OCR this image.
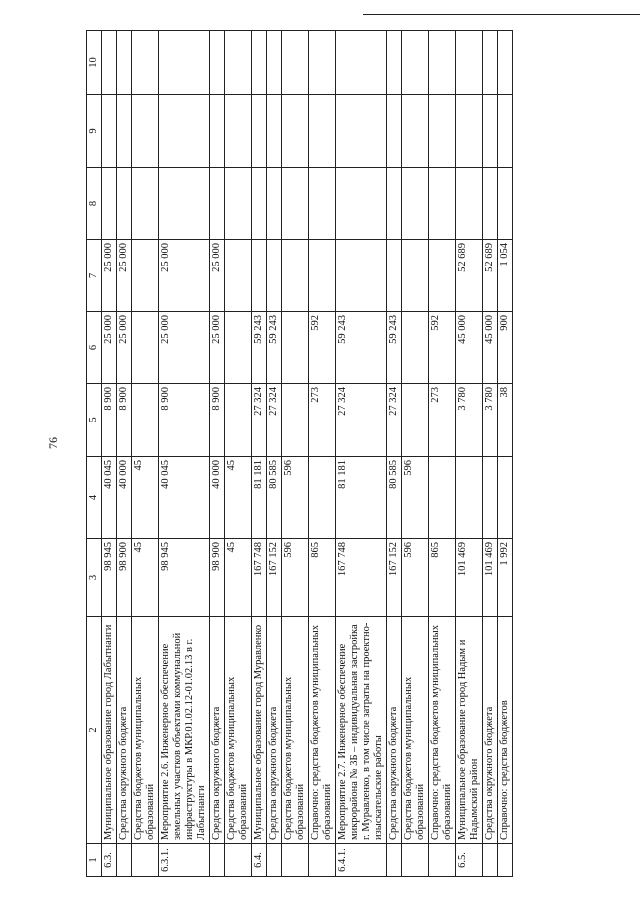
76
1	2	3	4	5	6	7	8	9	10
6.3.	Муниципальное образование город Лабытнанги	98 945	40 045	8 900	25 000	25 000			
	Средства окружного бюджета	98 900	40 000	8 900	25 000	25 000			
	Средства бюджетов муниципальных образований	45	45						
6.3.1.	Мероприятие 2.6. Инженерное обеспечение земельных участков объектами коммунальной инфраструктуры в МКР.01.02.12-01.02.13 в г. Лабытнанги	98 945	40 045	8 900	25 000	25 000			
	Средства окружного бюджета	98 900	40 000	8 900	25 000	25 000			
	Средства бюджетов муниципальных образований	45	45						
6.4.	Муниципальное образование город Муравленко	167 748	81 181	27 324	59 243				
	Средства окружного бюджета	167 152	80 585	27 324	59 243				
	Средства бюджетов муниципальных образований	596	596						
	Справочно: средства бюджетов муниципальных образований	865		273	592				
6.4.1.	Мероприятие 2.7. Инженерное обеспечение микрорайона № 3Б – индивидуальная застройка г. Муравленко, в том числе затраты на проектно-изыскательские работы	167 748	81 181	27 324	59 243				
	Средства окружного бюджета	167 152	80 585	27 324	59 243				
	Средства бюджетов муниципальных образований	596	596						
	Справочно: средства бюджетов муниципальных образований	865		273	592				
6.5.	Муниципальное образование город Надым и Надымский район	101 469		3 780	45 000	52 689			
	Средства окружного бюджета	101 469		3 780	45 000	52 689			
	Справочно: средства бюджетов	1 992		38	900	1 054			
